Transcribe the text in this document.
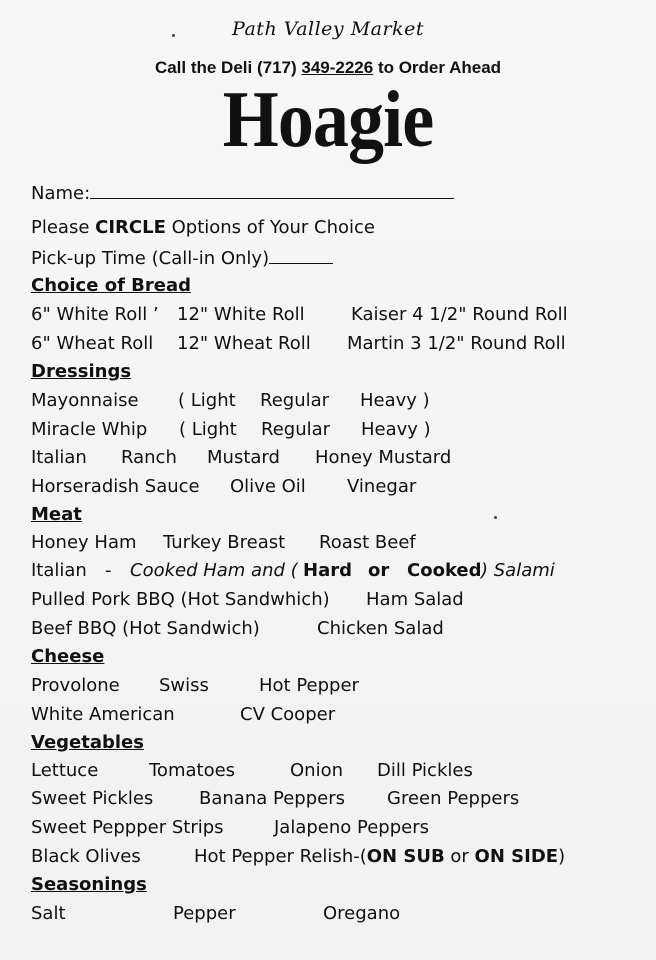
Path Valley Market
Call the Deli (717) 349-2226 to Order Ahead
Hoagie
Name:
Please CIRCLE Options of Your Choice
Pick-up Time (Call-in Only)
Choice of Bread
6" White Roll ’ 12" White Roll	Kaiser 4 1/2" Round Roll
6" Wheat Roll 12" Wheat Roll Martin 3 1/2" Round Roll
Dressings
Mayonnaise ( Light Regular Heavy )
Miracle Whip ( Light Regular Heavy )
Italian Ranch Mustard Honey Mustard
Horseradish Sauce Olive Oil Vinegar
Meat
Honey Ham Turkey Breast Roast Beef
Italian - Cooked Ham and ( Hard or Cooked ) Salami
Pulled Pork BBQ (Hot Sandwhich) Ham Salad
Beef BBQ (Hot Sandwich)	Chicken Salad
Cheese
Provolone Swiss	Hot Pepper
White American	CV Cooper
Vegetables
Lettuce	Tomatoes	Onion Dill Pickles
Sweet Pickles	Banana Peppers Green Peppers
Sweet Peppper Strips	Jalapeno Peppers
Black Olives	Hot Pepper Relish-(ON SUB or ON SIDE)
Seasonings
Salt	Pepper	Oregano
